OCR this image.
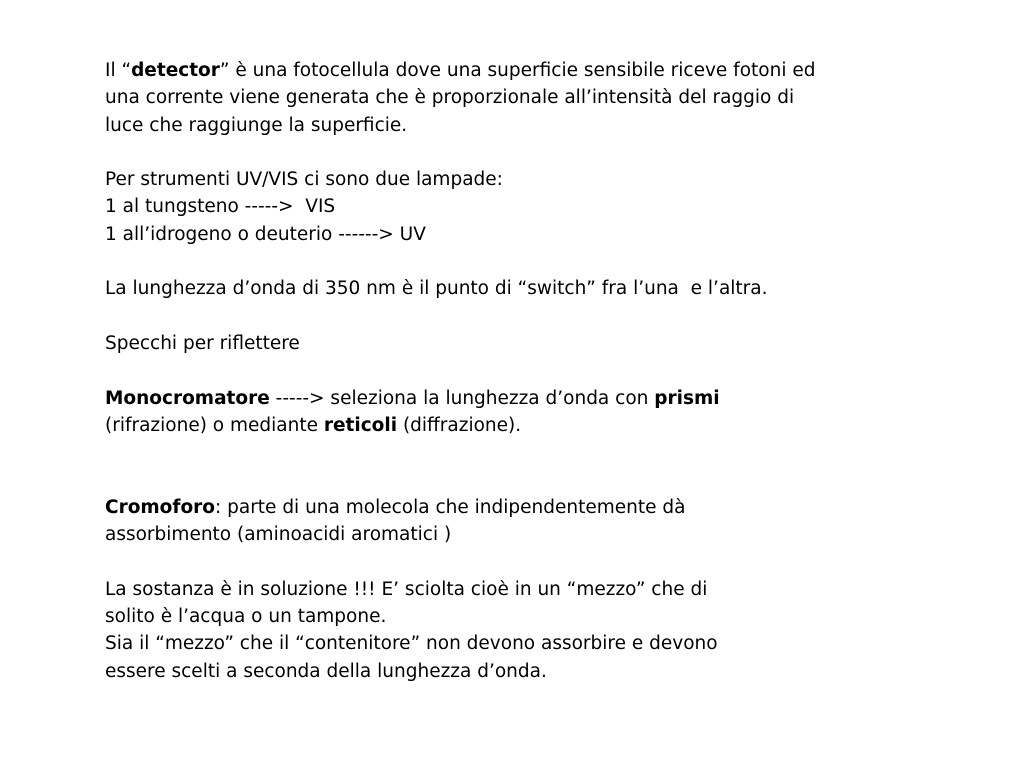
Il “detector” è una fotocellula dove una superficie sensibile riceve fotoni ed
una corrente viene generata che è proporzionale all’intensità del raggio di
luce che raggiunge la superficie.

Per strumenti UV/VIS ci sono due lampade:
1 al tungsteno ----->  VIS
1 all’idrogeno o deuterio ------> UV

La lunghezza d’onda di 350 nm è il punto di “switch” fra l’una  e l’altra.

Specchi per riflettere

Monocromatore -----> seleziona la lunghezza d’onda con prismi
(rifrazione) o mediante reticoli (diffrazione).

Cromoforo: parte di una molecola che indipendentemente dà
assorbimento (aminoacidi aromatici )

La sostanza è in soluzione !!! E’ sciolta cioè in un “mezzo” che di
solito è l’acqua o un tampone.
Sia il “mezzo” che il “contenitore” non devono assorbire e devono
essere scelti a seconda della lunghezza d’onda.
